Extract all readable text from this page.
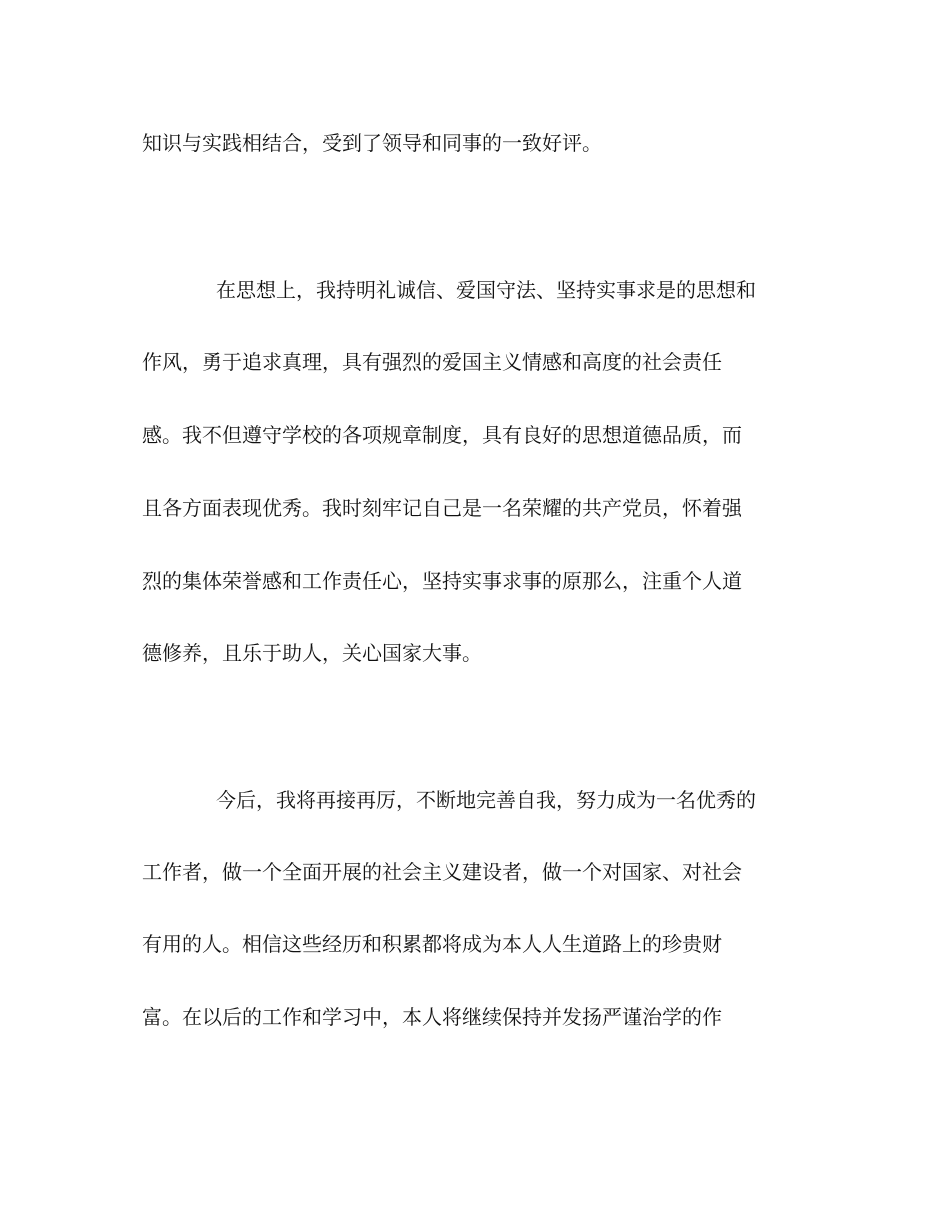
知识与实践相结合，受到了领导和同事的一致好评。

在思想上，我持明礼诚信、爱国守法、坚持实事求是的思想和

作风，勇于追求真理，具有强烈的爱国主义情感和高度的社会责任

感。我不但遵守学校的各项规章制度，具有良好的思想道德品质，而

且各方面表现优秀。我时刻牢记自己是一名荣耀的共产党员，怀着强

烈的集体荣誉感和工作责任心，坚持实事求事的原那么，注重个人道

德修养，且乐于助人，关心国家大事。

今后，我将再接再厉，不断地完善自我，努力成为一名优秀的

工作者，做一个全面开展的社会主义建设者，做一个对国家、对社会

有用的人。相信这些经历和积累都将成为本人人生道路上的珍贵财

富。在以后的工作和学习中，本人将继续保持并发扬严谨治学的作
